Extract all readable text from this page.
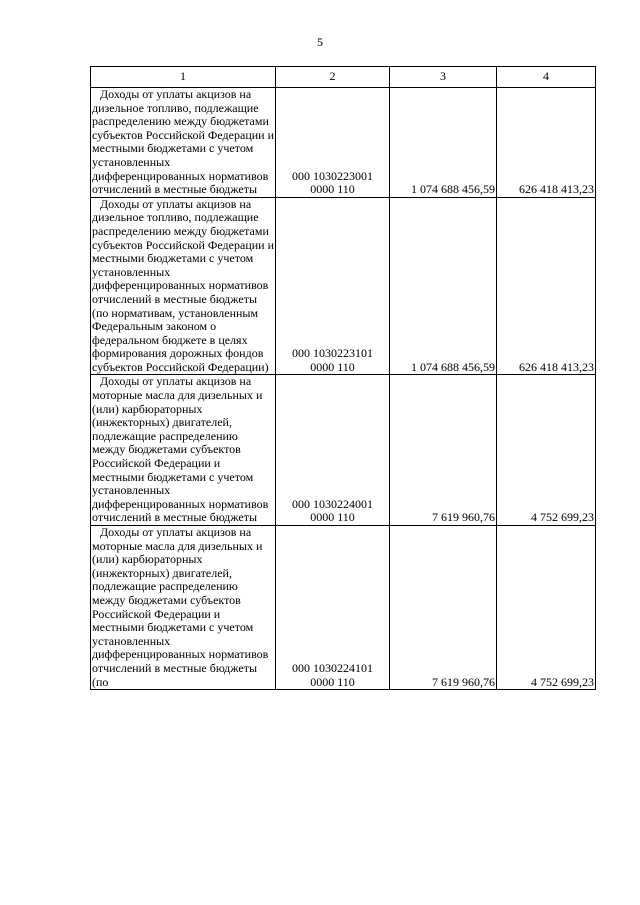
5
1	2	3	4

Доходы от уплаты акцизов на дизельное топливо, подлежащие распределению между бюджетами субъектов Российской Федерации и местными бюджетами с учетом установленных дифференцированных нормативов отчислений в местные бюджеты	000 1030223001
0000 110	1 074 688 456,59	626 418 413,23

Доходы от уплаты акцизов на дизельное топливо, подлежащие распределению между бюджетами субъектов Российской Федерации и местными бюджетами с учетом установленных дифференцированных нормативов отчислений в местные бюджеты (по нормативам, установленным Федеральным законом о федеральном бюджете в целях формирования дорожных фондов субъектов Российской Федерации)	000 1030223101
0000 110	1 074 688 456,59	626 418 413,23

Доходы от уплаты акцизов на моторные масла для дизельных и (или) карбюраторных (инжекторных) двигателей, подлежащие распределению между бюджетами субъектов Российской Федерации и местными бюджетами с учетом установленных дифференцированных нормативов отчислений в местные бюджеты	000 1030224001
0000 110	7 619 960,76	4 752 699,23

Доходы от уплаты акцизов на моторные масла для дизельных и (или) карбюраторных (инжекторных) двигателей, подлежащие распределению между бюджетами субъектов Российской Федерации и местными бюджетами с учетом установленных дифференцированных нормативов отчислений в местные бюджеты (по	000 1030224101
0000 110	7 619 960,76	4 752 699,23
